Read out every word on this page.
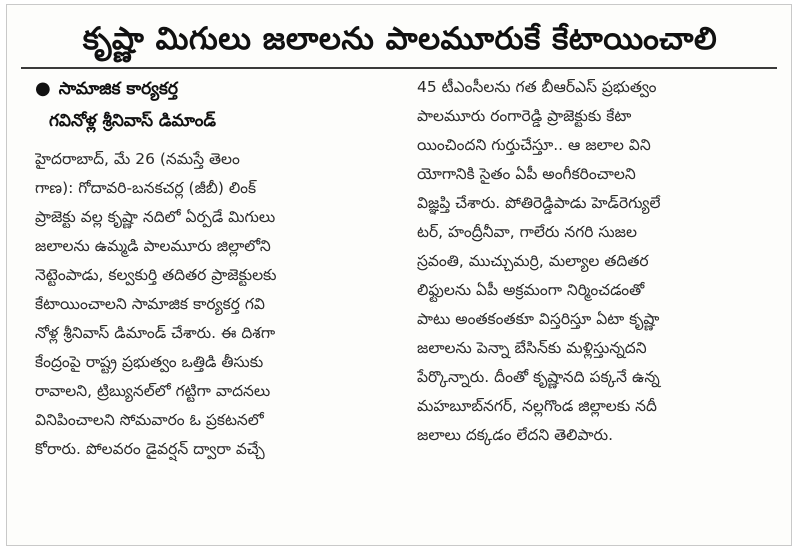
కృష్ణా మిగులు జలాలను పాలమూరుకే కేటాయించాలి
● సామాజిక కార్యకర్త
గవినోళ్ల శ్రీనివాస్ డిమాండ్
హైదరాబాద్, మే 26 (నమస్తే తెలం
గాణ): గోదావరి-బనకచర్ల (జీబీ) లింక్
ప్రాజెక్టు వల్ల కృష్ణా నదిలో ఏర్పడే మిగులు
జలాలను ఉమ్మడి పాలమూరు జిల్లాలోని
నెట్టెంపాడు, కల్వకుర్తి తదితర ప్రాజెక్టులకు
కేటాయించాలని సామాజిక కార్యకర్త గవి
నోళ్ల శ్రీనివాస్ డిమాండ్ చేశారు. ఈ దిశగా
కేంద్రంపై రాష్ట్ర ప్రభుత్వం ఒత్తిడి తీసుకు
రావాలని, ట్రిబ్యునల్‌లో గట్టిగా వాదనలు
వినిపించాలని సోమవారం ఓ ప్రకటనలో
కోరారు. పోలవరం డైవర్షన్ ద్వారా వచ్చే
45 టీఎంసీలను గత బీఆర్‌ఎస్ ప్రభుత్వం
పాలమూరు రంగారెడ్డి ప్రాజెక్టుకు కేటా
యించిందని గుర్తుచేస్తూ.. ఆ జలాల విని
యోగానికి సైతం ఏపీ అంగీకరించాలని
విజ్ఞప్తి చేశారు. పోతిరెడ్డిపాడు హెడ్‌రెగ్యులే
టర్, హంద్రీనీవా, గాలేరు నగరి సుజల
స్రవంతి, ముచ్చుమర్రి, మల్యాల తదితర
లిఫ్టులను ఏపీ అక్రమంగా నిర్మించడంతో
పాటు అంతకంతకూ విస్తరిస్తూ ఏటా కృష్ణా
జలాలను పెన్నా బేసిన్‌కు మళ్లిస్తున్నదని
పేర్కొన్నారు. దీంతో కృష్ణానది పక్కనే ఉన్న
మహబూబ్‌నగర్, నల్లగొండ జిల్లాలకు నదీ
జలాలు దక్కడం లేదని తెలిపారు.
